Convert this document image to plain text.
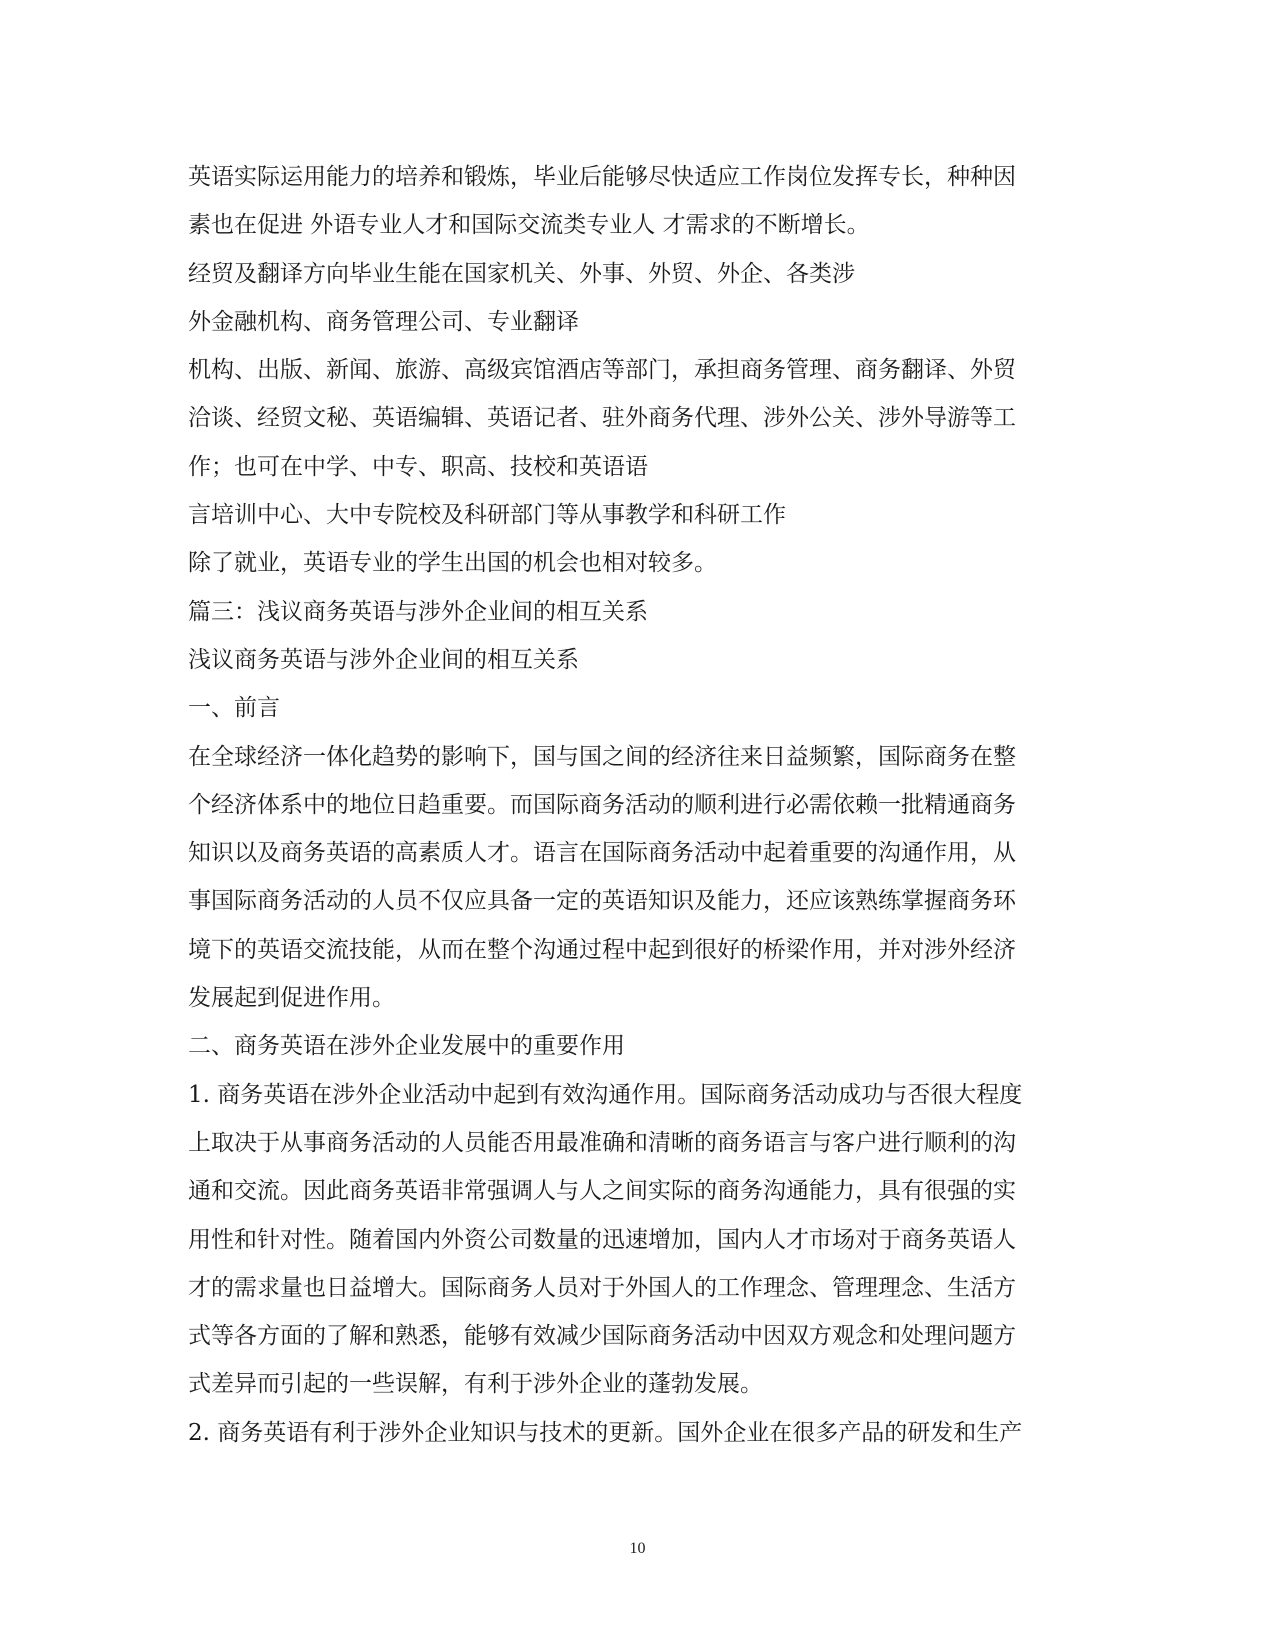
英语实际运用能力的培养和锻炼，毕业后能够尽快适应工作岗位发挥专长，种种因
素也在促进 外语专业人才和国际交流类专业人 才需求的不断增长。
经贸及翻译方向毕业生能在国家机关、外事、外贸、外企、各类涉
外金融机构、商务管理公司、专业翻译
机构、出版、新闻、旅游、高级宾馆酒店等部门，承担商务管理、商务翻译、外贸
洽谈、经贸文秘、英语编辑、英语记者、驻外商务代理、涉外公关、涉外导游等工
作；也可在中学、中专、职高、技校和英语语
言培训中心、大中专院校及科研部门等从事教学和科研工作
除了就业，英语专业的学生出国的机会也相对较多。
篇三：浅议商务英语与涉外企业间的相互关系
浅议商务英语与涉外企业间的相互关系
一、前言
在全球经济一体化趋势的影响下，国与国之间的经济往来日益频繁，国际商务在整
个经济体系中的地位日趋重要。而国际商务活动的顺利进行必需依赖一批精通商务
知识以及商务英语的高素质人才。语言在国际商务活动中起着重要的沟通作用，从
事国际商务活动的人员不仅应具备一定的英语知识及能力，还应该熟练掌握商务环
境下的英语交流技能，从而在整个沟通过程中起到很好的桥梁作用，并对涉外经济
发展起到促进作用。
二、商务英语在涉外企业发展中的重要作用
1. 商务英语在涉外企业活动中起到有效沟通作用。国际商务活动成功与否很大程度
上取决于从事商务活动的人员能否用最准确和清晰的商务语言与客户进行顺利的沟
通和交流。因此商务英语非常强调人与人之间实际的商务沟通能力，具有很强的实
用性和针对性。随着国内外资公司数量的迅速增加，国内人才市场对于商务英语人
才的需求量也日益增大。国际商务人员对于外国人的工作理念、管理理念、生活方
式等各方面的了解和熟悉，能够有效减少国际商务活动中因双方观念和处理问题方
式差异而引起的一些误解，有利于涉外企业的蓬勃发展。
2. 商务英语有利于涉外企业知识与技术的更新。国外企业在很多产品的研发和生产
10
